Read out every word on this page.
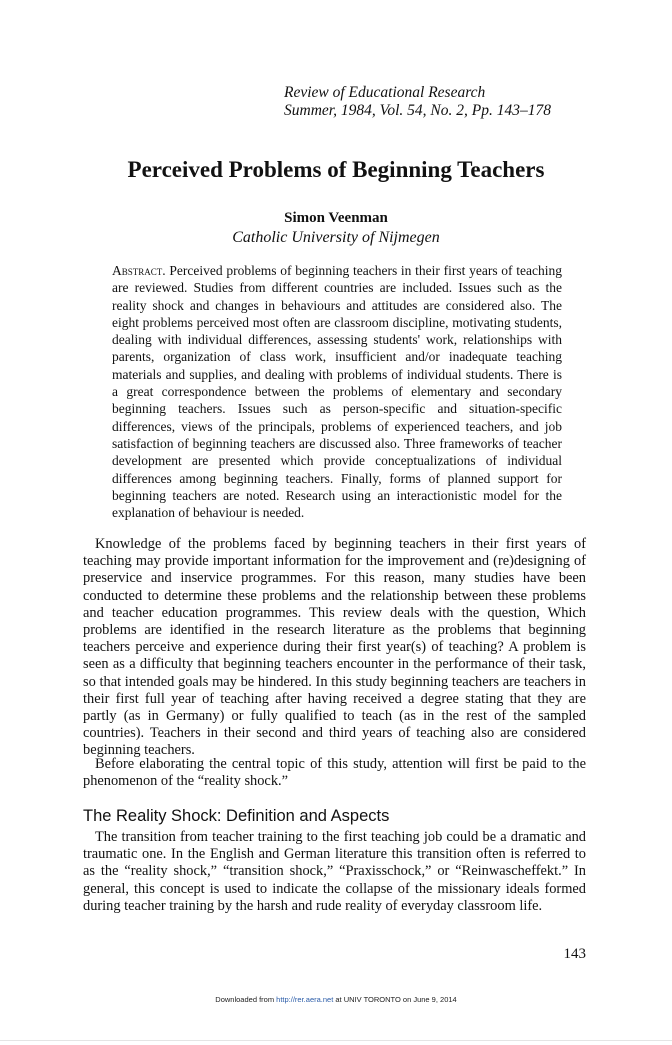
Review of Educational Research
Summer, 1984, Vol. 54, No. 2, Pp. 143–178
Perceived Problems of Beginning Teachers
Simon Veenman
Catholic University of Nijmegen
Abstract. Perceived problems of beginning teachers in their first years of teaching are reviewed. Studies from different countries are included. Issues such as the reality shock and changes in behaviours and attitudes are considered also. The eight problems perceived most often are classroom discipline, motivating students, dealing with individual differences, assessing students' work, relationships with parents, organization of class work, insufficient and/or inadequate teaching materials and supplies, and dealing with problems of individual students. There is a great correspondence between the problems of elementary and secondary beginning teachers. Issues such as person-specific and situation-specific differences, views of the principals, problems of experienced teachers, and job satisfaction of beginning teachers are discussed also. Three frameworks of teacher development are presented which provide conceptualizations of individual differences among beginning teachers. Finally, forms of planned support for beginning teachers are noted. Research using an interactionistic model for the explanation of behaviour is needed.
Knowledge of the problems faced by beginning teachers in their first years of teaching may provide important information for the improvement and (re)designing of preservice and inservice programmes. For this reason, many studies have been conducted to determine these problems and the relationship between these problems and teacher education programmes. This review deals with the question, Which problems are identified in the research literature as the problems that beginning teachers perceive and experience during their first year(s) of teaching? A problem is seen as a difficulty that beginning teachers encounter in the performance of their task, so that intended goals may be hindered. In this study beginning teachers are teachers in their first full year of teaching after having received a degree stating that they are partly (as in Germany) or fully qualified to teach (as in the rest of the sampled countries). Teachers in their second and third years of teaching also are considered beginning teachers.
Before elaborating the central topic of this study, attention will first be paid to the phenomenon of the “reality shock.”
The Reality Shock: Definition and Aspects
The transition from teacher training to the first teaching job could be a dramatic and traumatic one. In the English and German literature this transition often is referred to as the “reality shock,” “transition shock,” “Praxisschock,” or “Reinwascheffekt.” In general, this concept is used to indicate the collapse of the missionary ideals formed during teacher training by the harsh and rude reality of everyday classroom life.
143
Downloaded from http://rer.aera.net at UNIV TORONTO on June 9, 2014
